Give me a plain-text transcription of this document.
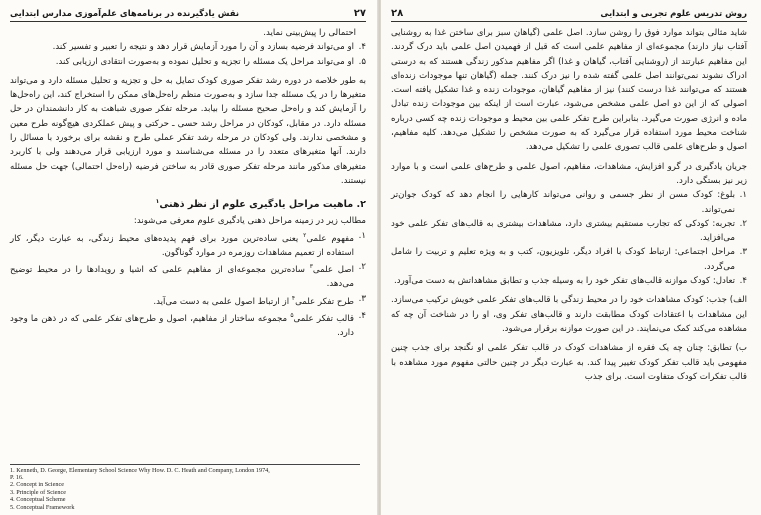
۲۷
نقش یادگیرنده در برنامه‌های علم‌آموزی مدارس ابتدایی

احتمالی را پیش‌بینی نماید.

۴.

او می‌تواند فرضیه بسازد و آن را مورد آزمایش قرار دهد و نتیجه را تعبیر و تفسیر کند.

۵.

او می‌تواند مراحل یک مسئله را تجزیه و تحلیل نموده و به‌صورت انتقادی ارزیابی کند.

به طور خلاصه در دوره رشد تفکر صوری کودک تمایل به حل و تجزیه و تحلیل مسئله دارد و می‌تواند متغیرها را در یک مسئله جدا سازد و به‌صورت منظم راه‌حل‌های ممکن را استخراج کند، این راه‌حل‌ها را آزمایش کند و راه‌حل صحیح مسئله را بیابد. مرحله تفکر صوری شباهت به کار دانشمندان در حل مسئله دارد. در مقابل، کودکان در مراحل رشد حسی ـ حرکتی و پیش عملکردی هیچ‌گونه طرح معین و مشخصی ندارند. ولی کودکان در مرحله رشد تفکر عملی طرح و نقشه برای برخورد با مسائل را دارند. آنها متغیرهای متعدد را در مسئله می‌شناسند و مورد ارزیابی قرار می‌دهند ولی با کاربرد متغیرهای مذکور مانند مرحله تفکر صوری قادر به ساختن فرضیه (راه‌حل احتمالی) جهت حل مسئله نیستند.

۲. ماهیت مراحل یادگیری علوم از نظر ذهنی$^۱$

مطالب زیر در زمینه مراحل ذهنی یادگیری علوم معرفی می‌شوند:

۱.

مفهوم علمی$^۲$ یعنی ساده‌ترین مورد برای فهم پدیده‌های محیط زندگی، به عبارت دیگر، کار استفاده از تعمیم مشاهدات روزمره در موارد گوناگون.

۲.

اصل علمی$^۳$ ساده‌ترین مجموعه‌ای از مفاهیم علمی که اشیا و رویدادها را در محیط توضیح می‌دهد.

۳.

طرح تفکر علمی$^۴$ از ارتباط اصول علمی به دست می‌آید.

۴.

قالب تفکر علمی$^۵$ مجموعه ساختار از مفاهیم، اصول و طرح‌های تفکر علمی که در ذهن ما وجود دارد.

1. Kenneth, D. George, Elementary School Science Why How. D. C. Heath and Company, London 1974,
P. 16.
2. Concept in Science
3. Principle of Science
4. Conceptual Scheme
5. Conceptual Framework
روش تدریس علوم تجربی و ابتدایی
۲۸

شاید مثالی بتواند موارد فوق را روشن سازد. اصل علمی (گیاهان سبز برای ساختن غذا به روشنایی آفتاب نیاز دارند) مجموعه‌ای از مفاهیم علمی است که قبل از فهمیدن اصل علمی باید درک گردند. این مفاهیم عبارتند از (روشنایی آفتاب، گیاهان و غذا) اگر مفاهیم مذکور زندگی هستند که به درستی ادراک نشوند نمی‌توانند اصل علمی گفته شده را نیز درک کنند. جمله (گیاهان تنها موجودات زنده‌ای هستند که می‌توانند غذا درست کنند) نیز از مفاهیم گیاهان، موجودات زنده و غذا تشکیل یافته است. اصولی که از این دو اصل علمی مشخص می‌شود، عبارت است از اینکه بین موجودات زنده تبادل ماده و انرژی صورت می‌گیرد. بنابراین طرح تفکر علمی بین محیط و موجودات زنده چه کسی درباره شناخت محیط مورد استفاده قرار می‌گیرد که به صورت مشخص را تشکیل می‌دهد. کلیه مفاهیم، اصول و طرح‌های علمی قالب تصوری علمی را تشکیل می‌دهد.

جریان یادگیری در گرو افزایش، مشاهدات، مفاهیم، اصول علمی و طرح‌های علمی است و با موارد زیر نیز بستگی دارد.

۱.

بلوغ: کودک مسن از نظر جسمی و روانی می‌تواند کارهایی را انجام دهد که کودک جوان‌تر نمی‌تواند.

۲.

تجربه: کودکی که تجارب مستقیم بیشتری دارد، مشاهدات بیشتری به قالب‌های تفکر علمی خود می‌افزاید.

۳.

مراحل اجتماعی: ارتباط کودک با افراد دیگر، تلویزیون، کتب و به ویژه تعلیم و تربیت را شامل می‌گردد.

۴.

تعادل: کودک موازنه قالب‌های تفکر خود را به وسیله جذب و تطابق مشاهداتش به دست می‌آورد.

الف) جذب: کودک مشاهدات خود را در محیط زندگی با قالب‌های تفکر علمی خویش ترکیب می‌سازد. این مشاهدات با اعتقادات کودک مطابقت دارند و قالب‌های تفکر وی، او را در شناخت آن چه که مشاهده می‌کند کمک می‌نمایند. در این صورت موازنه برقرار می‌شود.

ب) تطابق: چنان چه یک فقره از مشاهدات کودک در قالب تفکر علمی او نگنجد برای جذب چنین مفهومی باید قالب تفکر کودک تغییر پیدا کند. به عبارت دیگر در چنین حالتی مفهوم مورد مشاهده با قالب تفکرات کودک متفاوت است. برای جذب
